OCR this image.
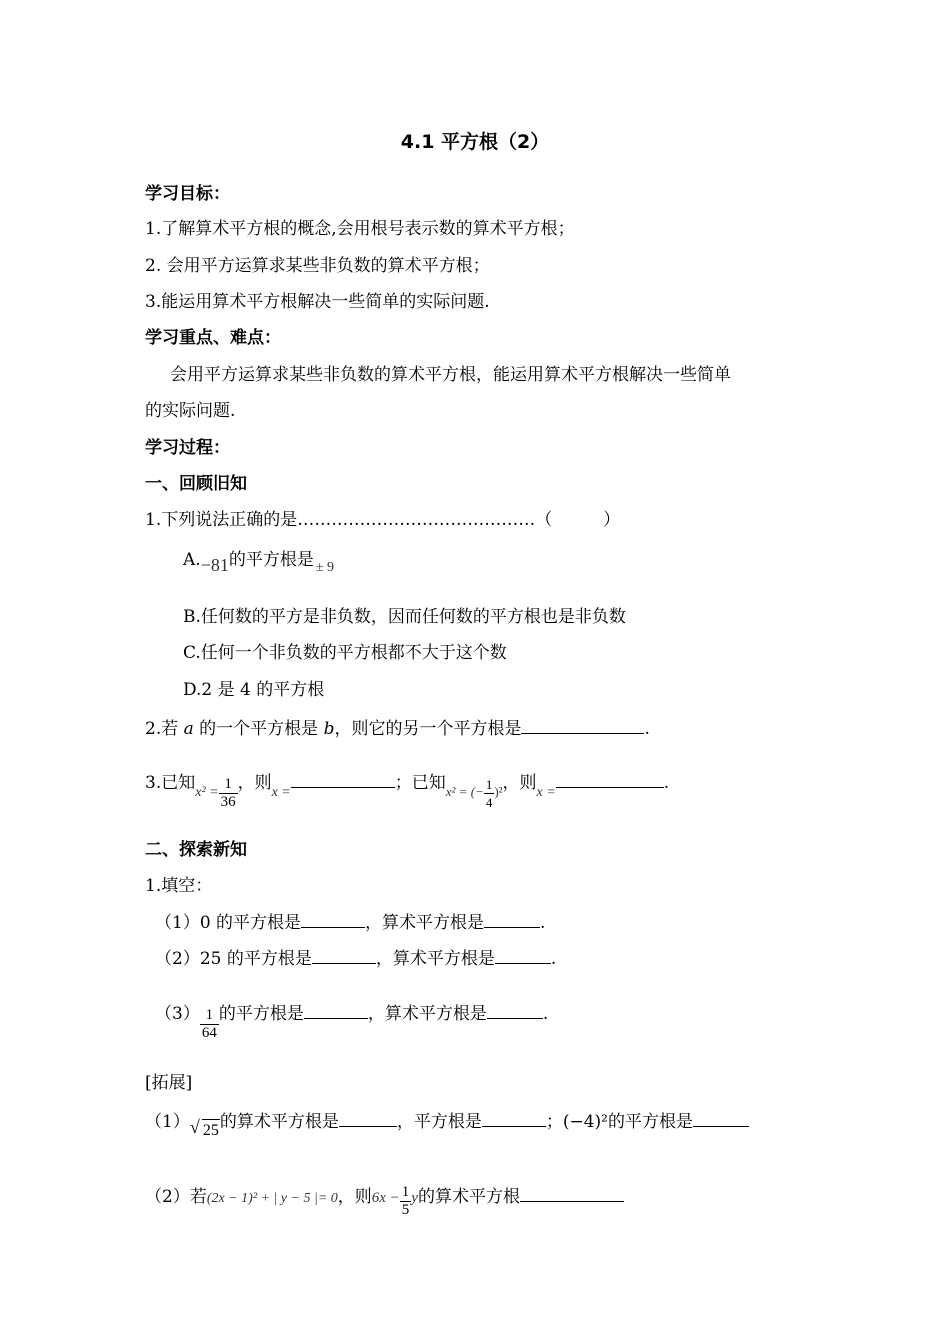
4.1 平方根（2）
学习目标：
1.了解算术平方根的概念,会用根号表示数的算术平方根；
2. 会用平方运算求某些非负数的算术平方根；
3.能运用算术平方根解决一些简单的实际问题.
学习重点、难点：
会用平方运算求某些非负数的算术平方根，能运用算术平方根解决一些简单
的实际问题.
学习过程：
一、回顾旧知
1.下列说法正确的是……………………………………（　　　）
A.−81的平方根是 $_{\pm 9}$
B.任何数的平方是非负数，因而任何数的平方根也是非负数
C.任何一个非负数的平方根都不大于这个数
D.2 是 4 的平方根
2.若 a 的一个平方根是 b，则它的另一个平方根是	.
3.已知$_{x^2 =} \frac{1}{36}$ ，则$_{x =}$	；已知$_{x^2 = (-} \frac{1}{4} _{)^2}$，则$_{x =}$	.
二、探索新知
1.填空：
（1）0 的平方根是	，算术平方根是	.
（2）25 的平方根是	，算术平方根是	.
$(3) \frac{1}{64}$ 的平方根是	，算术平方根是	.
[拓展]
（1） √ 25的算术平方根是	，平方根是	；(−4)²的平方根是
（2）若(2x − 1)² + | y − 5 |= 0，则$6x - \frac{1}{5}$ y的算术平方根
